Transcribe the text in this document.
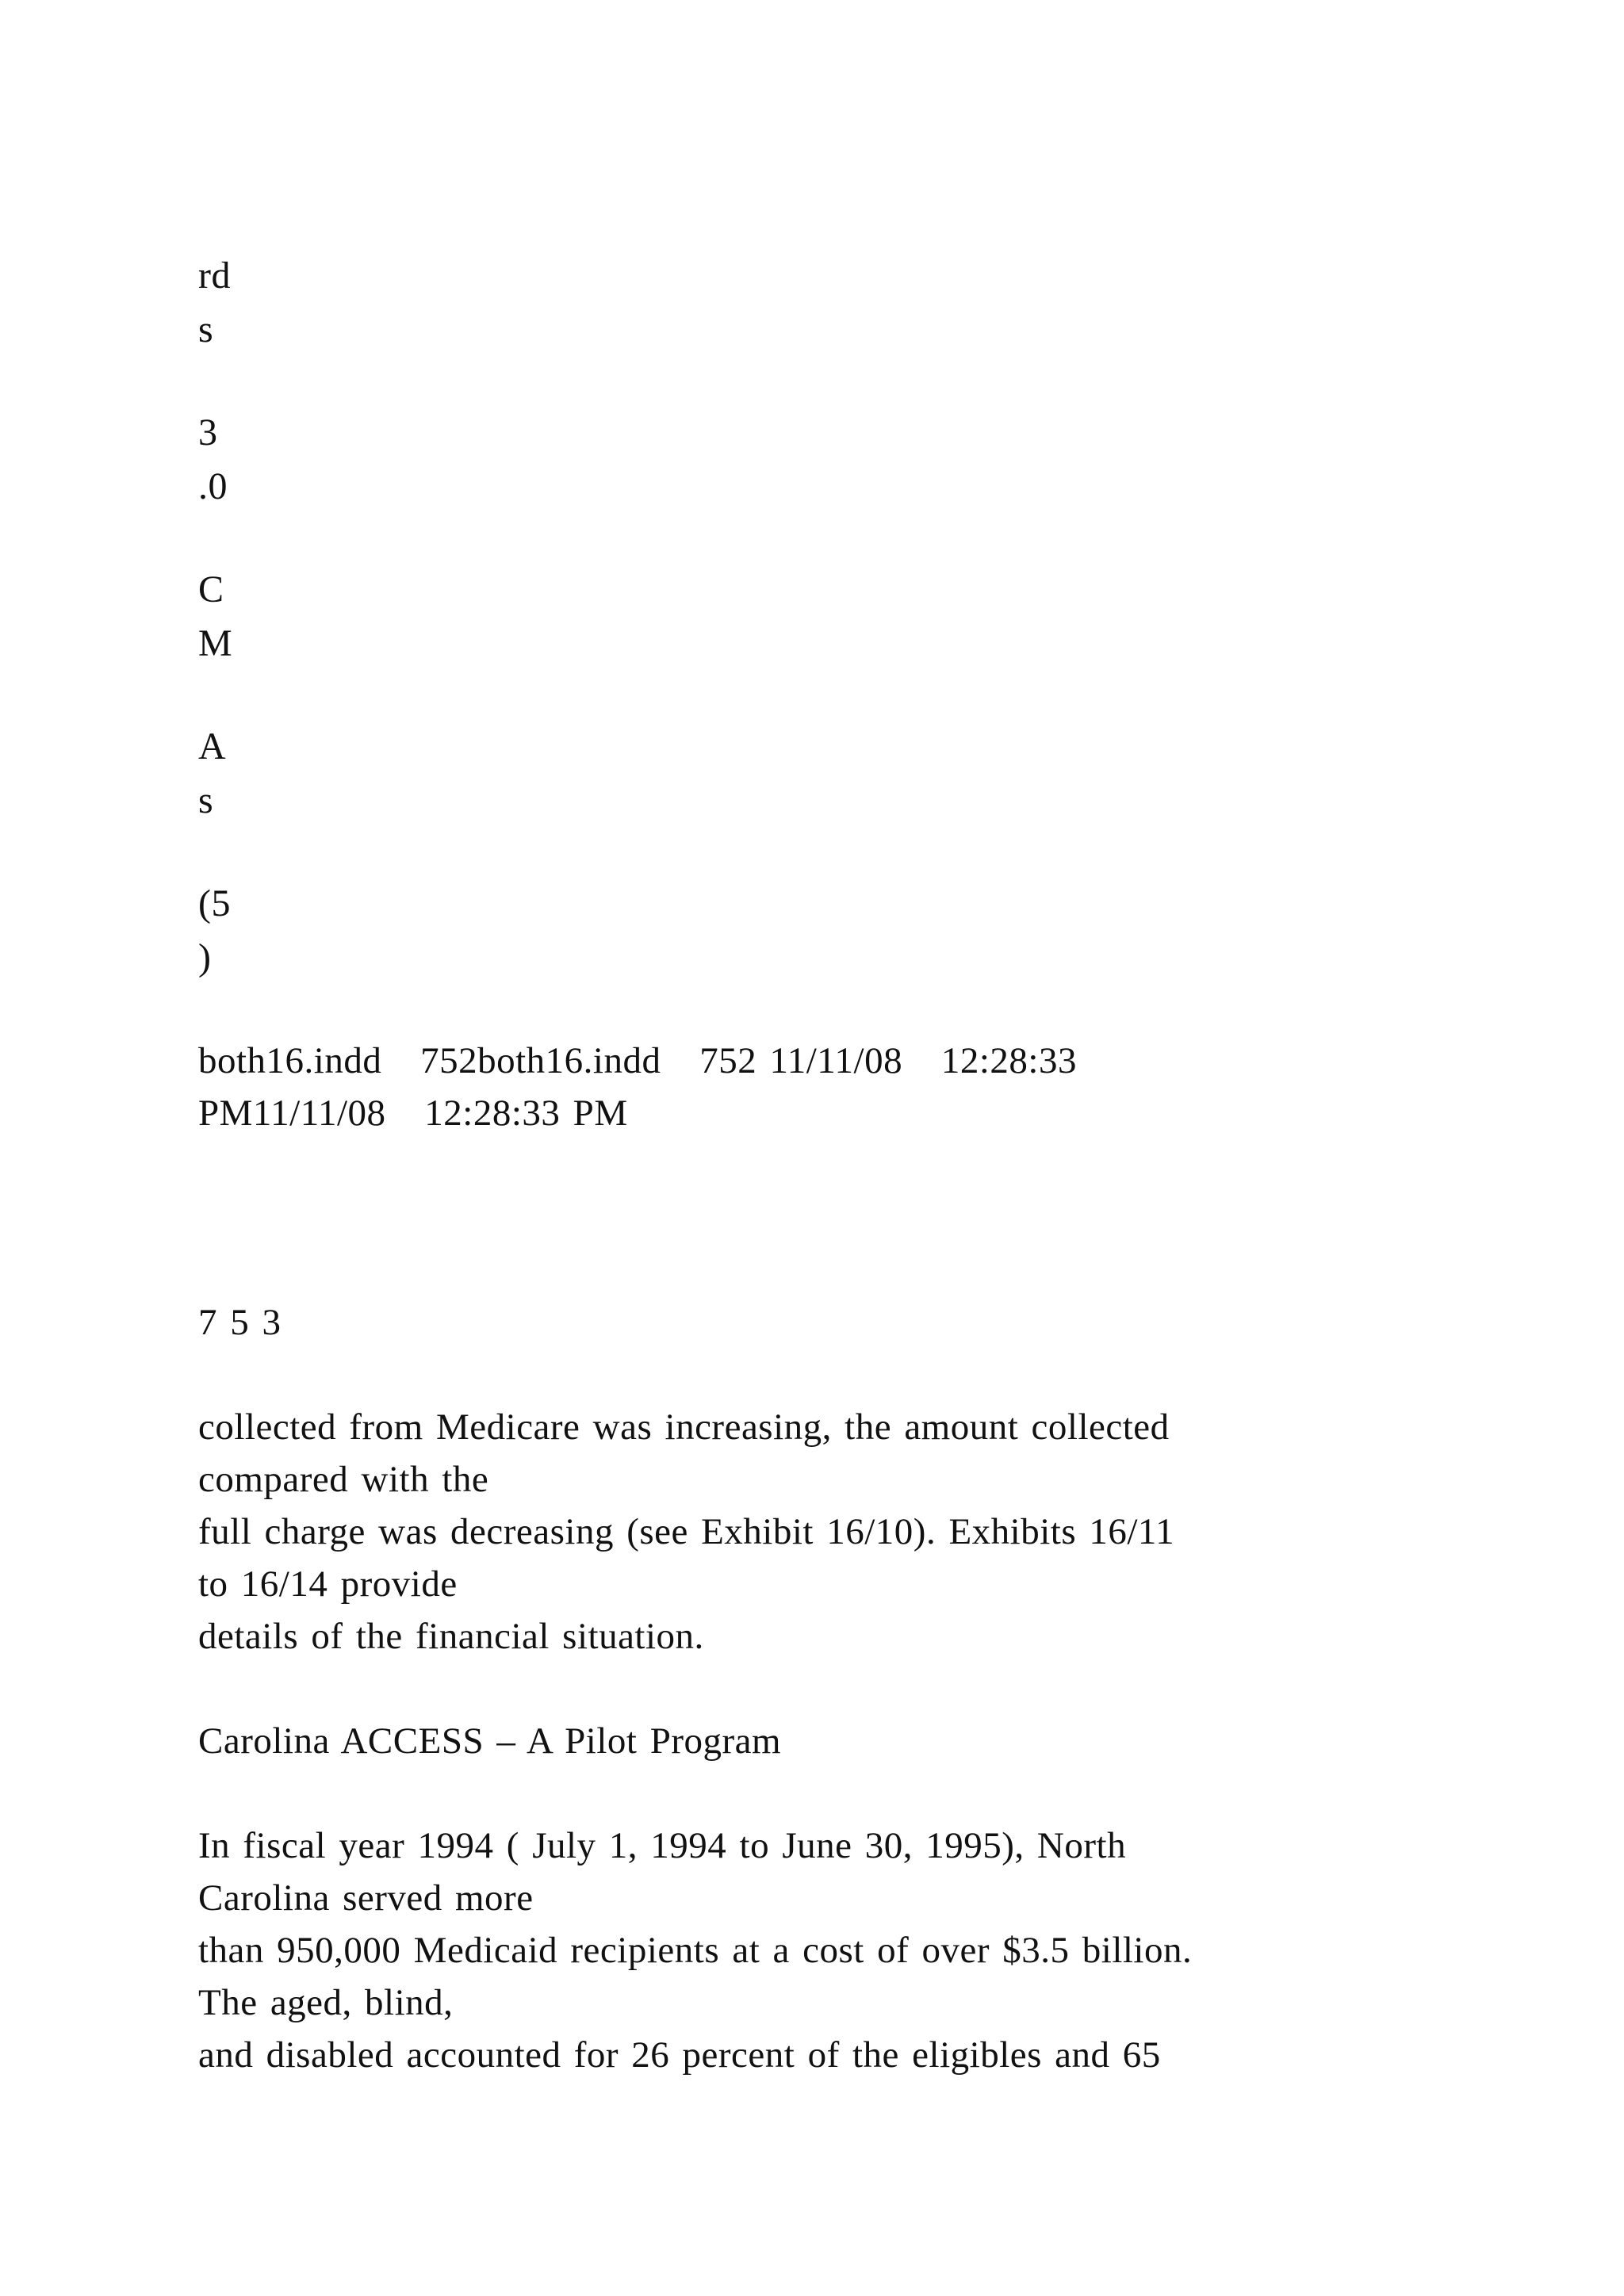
rd
s
3
.0
C
M
A
s
(5
)
both16.indd   752both16.indd   752 11/11/08   12:28:33
PM11/11/08   12:28:33 PM
7 5 3
collected from Medicare was increasing, the amount collected
compared with the
full charge was decreasing (see Exhibit 16/10). Exhibits 16/11
to 16/14 provide
details of the financial situation.
Carolina ACCESS – A Pilot Program
In fiscal year 1994 ( July 1, 1994 to June 30, 1995), North
Carolina served more
than 950,000 Medicaid recipients at a cost of over $3.5 billion.
The aged, blind,
and disabled accounted for 26 percent of the eligibles and 65
